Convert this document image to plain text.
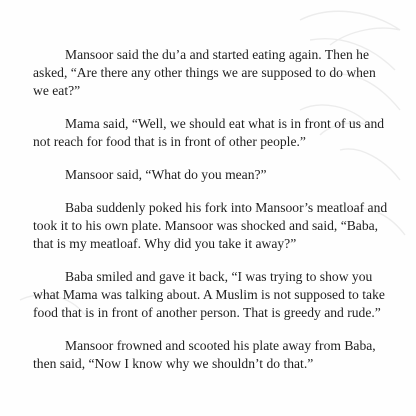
Mansoor said the du’a and started eating again. Then he asked, “Are there any other things we are supposed to do when we eat?”

Mama said, “Well, we should eat what is in front of us and not reach for food that is in front of other people.”

Mansoor said, “What do you mean?”

Baba suddenly poked his fork into Mansoor’s meatloaf and took it to his own plate. Mansoor was shocked and said, “Baba, that is my meatloaf. Why did you take it away?”

Baba smiled and gave it back, “I was trying to show you what Mama was talking about. A Muslim is not supposed to take food that is in front of another person. That is greedy and rude.”

Mansoor frowned and scooted his plate away from Baba, then said, “Now I know why we shouldn’t do that.”
